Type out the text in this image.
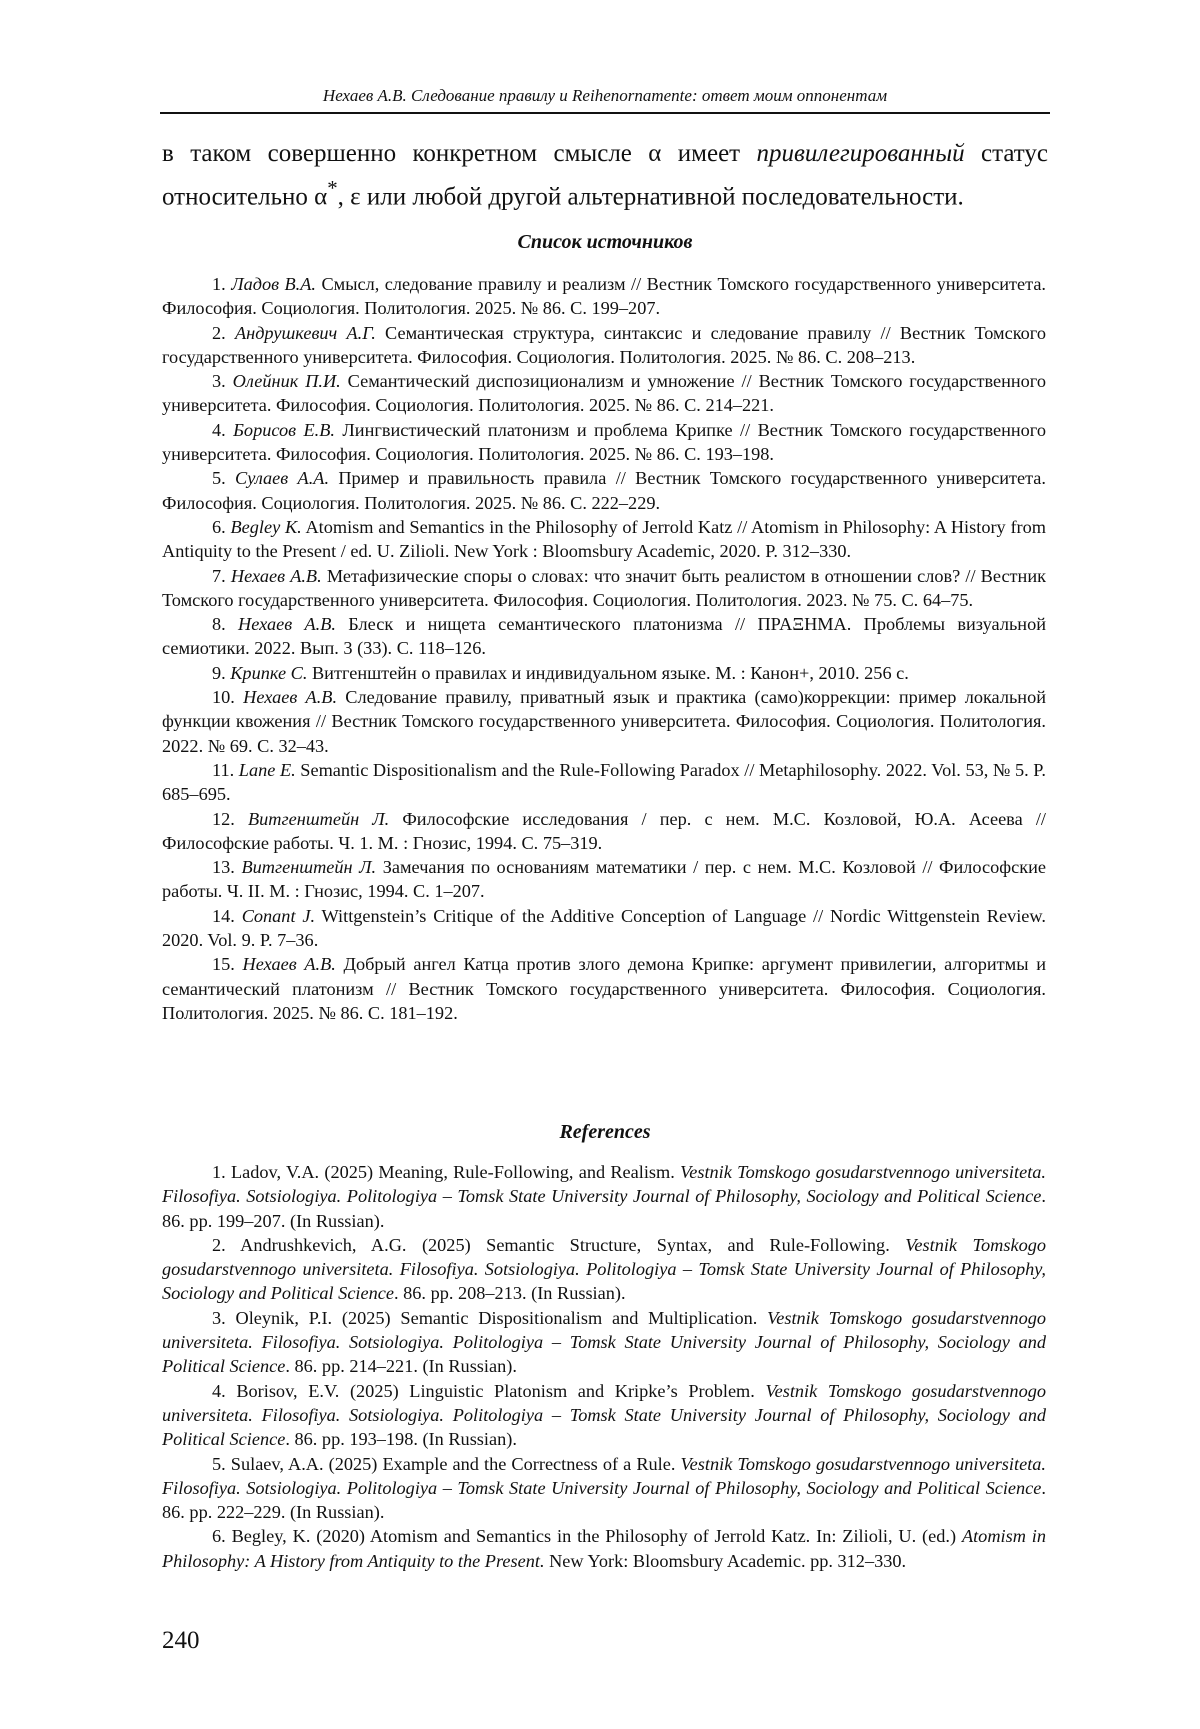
Нехаев А.В. Следование правилу и Reihenornamente: ответ моим оппонентам
в таком совершенно конкретном смысле α имеет привилегированный статус относительно α*, ε или любой другой альтернативной последовательности.
Список источников

1. Ладов В.А. Смысл, следование правилу и реализм // Вестник Томского государственного университета. Философия. Социология. Политология. 2025. № 86. С. 199–207.

2. Андрушкевич А.Г. Семантическая структура, синтаксис и следование правилу // Вестник Томского государственного университета. Философия. Социология. Политология. 2025. № 86. С. 208–213.

3. Олейник П.И. Семантический диспозиционализм и умножение // Вестник Томского государственного университета. Философия. Социология. Политология. 2025. № 86. С. 214–221.

4. Борисов Е.В. Лингвистический платонизм и проблема Крипке // Вестник Томского государственного университета. Философия. Социология. Политология. 2025. № 86. С. 193–198.

5. Сулаев А.А. Пример и правильность правила // Вестник Томского государственного университета. Философия. Социология. Политология. 2025. № 86. С. 222–229.

6. Begley K. Atomism and Semantics in the Philosophy of Jerrold Katz // Atomism in Philosophy: A History from Antiquity to the Present / ed. U. Zilioli. New York : Bloomsbury Academic, 2020. P. 312–330.

7. Нехаев А.В. Метафизические споры о словах: что значит быть реалистом в отношении слов? // Вестник Томского государственного университета. Философия. Социология. Политология. 2023. № 75. С. 64–75.

8. Нехаев А.В. Блеск и нищета семантического платонизма // ΠΡΑΞΗΜΑ. Проблемы визуальной семиотики. 2022. Вып. 3 (33). С. 118–126.

9. Крипке С. Витгенштейн о правилах и индивидуальном языке. М. : Канон+, 2010. 256 с.

10. Нехаев А.В. Следование правилу, приватный язык и практика (само)коррекции: пример локальной функции квожения // Вестник Томского государственного университета. Философия. Социология. Политология. 2022. № 69. С. 32–43.

11. Lane E. Semantic Dispositionalism and the Rule-Following Paradox // Metaphilosophy. 2022. Vol. 53, № 5. P. 685–695.

12. Витгенштейн Л. Философские исследования / пер. с нем. М.С. Козловой, Ю.А. Асеева // Философские работы. Ч. 1. М. : Гнозис, 1994. С. 75–319.

13. Витгенштейн Л. Замечания по основаниям математики / пер. с нем. М.С. Козловой // Философские работы. Ч. II. М. : Гнозис, 1994. С. 1–207.

14. Conant J. Wittgenstein’s Critique of the Additive Conception of Language // Nordic Wittgenstein Review. 2020. Vol. 9. P. 7–36.

15. Нехаев А.В. Добрый ангел Катца против злого демона Крипке: аргумент привилегии, алгоритмы и семантический платонизм // Вестник Томского государственного университета. Философия. Социология. Политология. 2025. № 86. С. 181–192.

References

1. Ladov, V.A. (2025) Meaning, Rule-Following, and Realism. Vestnik Tomskogo gosudarstvennogo universiteta. Filosofiya. Sotsiologiya. Politologiya – Tomsk State University Journal of Philosophy, Sociology and Political Science. 86. pp. 199–207. (In Russian).

2. Andrushkevich, A.G. (2025) Semantic Structure, Syntax, and Rule-Following. Vestnik Tomskogo gosudarstvennogo universiteta. Filosofiya. Sotsiologiya. Politologiya – Tomsk State University Journal of Philosophy, Sociology and Political Science. 86. pp. 208–213. (In Russian).

3. Oleynik, P.I. (2025) Semantic Dispositionalism and Multiplication. Vestnik Tomskogo gosudarstvennogo universiteta. Filosofiya. Sotsiologiya. Politologiya – Tomsk State University Journal of Philosophy, Sociology and Political Science. 86. pp. 214–221. (In Russian).

4. Borisov, E.V. (2025) Linguistic Platonism and Kripke’s Problem. Vestnik Tomskogo gosudarstvennogo universiteta. Filosofiya. Sotsiologiya. Politologiya – Tomsk State University Journal of Philosophy, Sociology and Political Science. 86. pp. 193–198. (In Russian).

5. Sulaev, A.A. (2025) Example and the Correctness of a Rule. Vestnik Tomskogo gosudarstvennogo universiteta. Filosofiya. Sotsiologiya. Politologiya – Tomsk State University Journal of Philosophy, Sociology and Political Science. 86. pp. 222–229. (In Russian).

6. Begley, K. (2020) Atomism and Semantics in the Philosophy of Jerrold Katz. In: Zilioli, U. (ed.) Atomism in Philosophy: A History from Antiquity to the Present. New York: Bloomsbury Academic. pp. 312–330.

240
